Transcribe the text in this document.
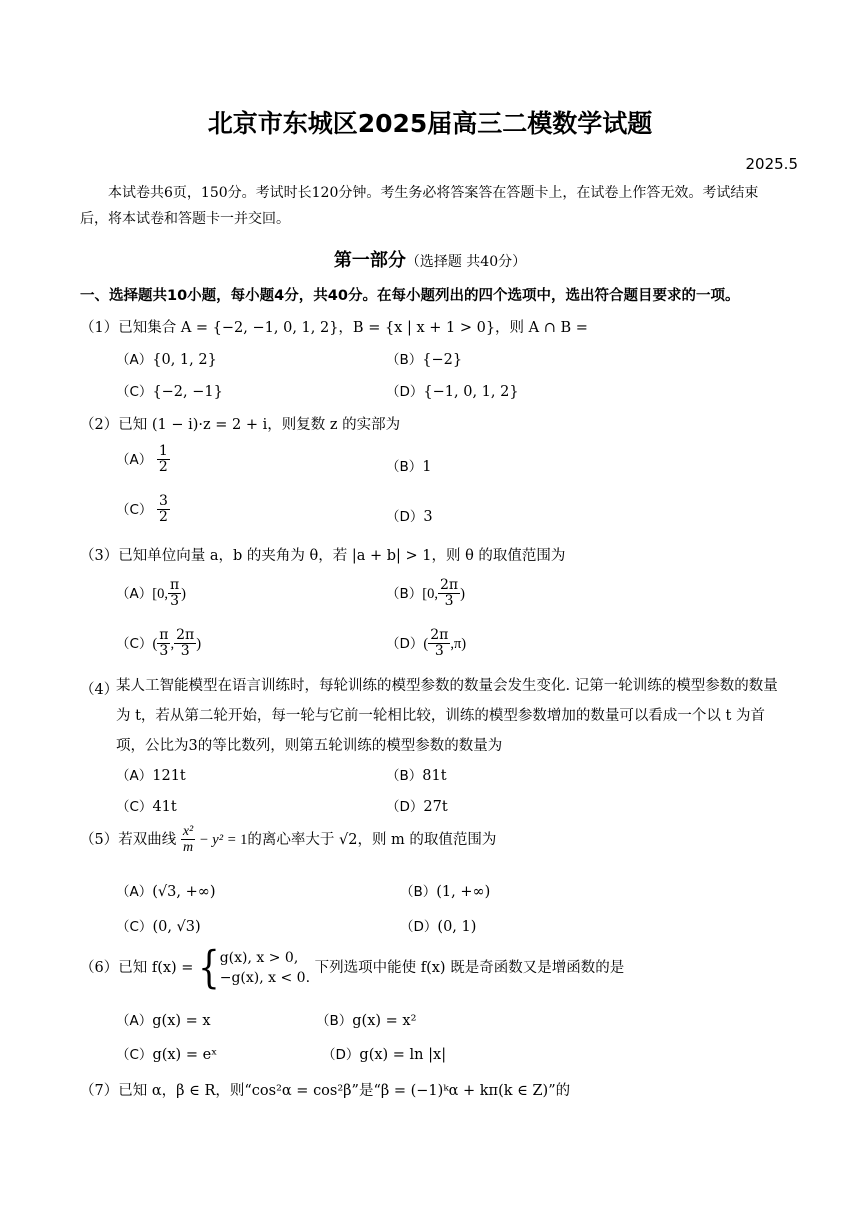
北京市东城区2025届高三二模数学试题
2025.5
本试卷共6页，150分。考试时长120分钟。考生务必将答案答在答题卡上，在试卷上作答无效。考试结束后，将本试卷和答题卡一并交回。
第一部分（选择题 共40分）
一、选择题共10小题，每小题4分，共40分。在每小题列出的四个选项中，选出符合题目要求的一项。
（1）已知集合 A = {−2, −1, 0, 1, 2}，B = {x | x + 1 > 0}，则 A ∩ B =
（A）{0, 1, 2}	（B）{−2}
（C）{−2, −1}	（D）{−1, 0, 1, 2}
（2）已知 (1 − i)·z = 2 + i，则复数 z 的实部为
$(A) \frac{1}{2}$	（B）1
$(C) \frac{3}{2}$	（D）3
（3）已知单位向量 a，b 的夹角为 θ，若 |a + b| > 1，则 θ 的取值范围为
（A）[0, $\frac{\pi}{3}$ )	（B）[0, $\frac{2\pi}{3}$ )
$(C)( \frac{\pi}{3}$ , $\frac{2\pi}{3}$ )	$(D)( \frac{2\pi}{3} ,\pi)$
（4）
某人工智能模型在语言训练时，每轮训练的模型参数的数量会发生变化. 记第一轮训练的模型参数的数量为 t，若从第二轮开始，每一轮与它前一轮相比较，训练的模型参数增加的数量可以看成一个以 t 为首项，公比为3的等比数列，则第五轮训练的模型参数的数量为
（A）121t	（B）81t
（C）41t	（D）27t
（5）若双曲线 $\frac{\text{x²}}{m} - y^2 = 1$的离心率大于 √2，则 m 的取值范围为
（A）(√3, +∞)	（B）(1, +∞)
（C）(0, √3)	（D）(0, 1)
（6）已知 f(x) = { g(x), x > 0,
−g(x), x < 0.
下列选项中能使 f(x) 既是奇函数又是增函数的是
（A）g(x) = x	（B）g(x) = x²
（C）g(x) = eˣ	（D）g(x) = ln |x|
（7）已知 α，β ∈ R，则“cos²α = cos²β”是“β = (−1)ᵏα + kπ(k ∈ Z)”的
